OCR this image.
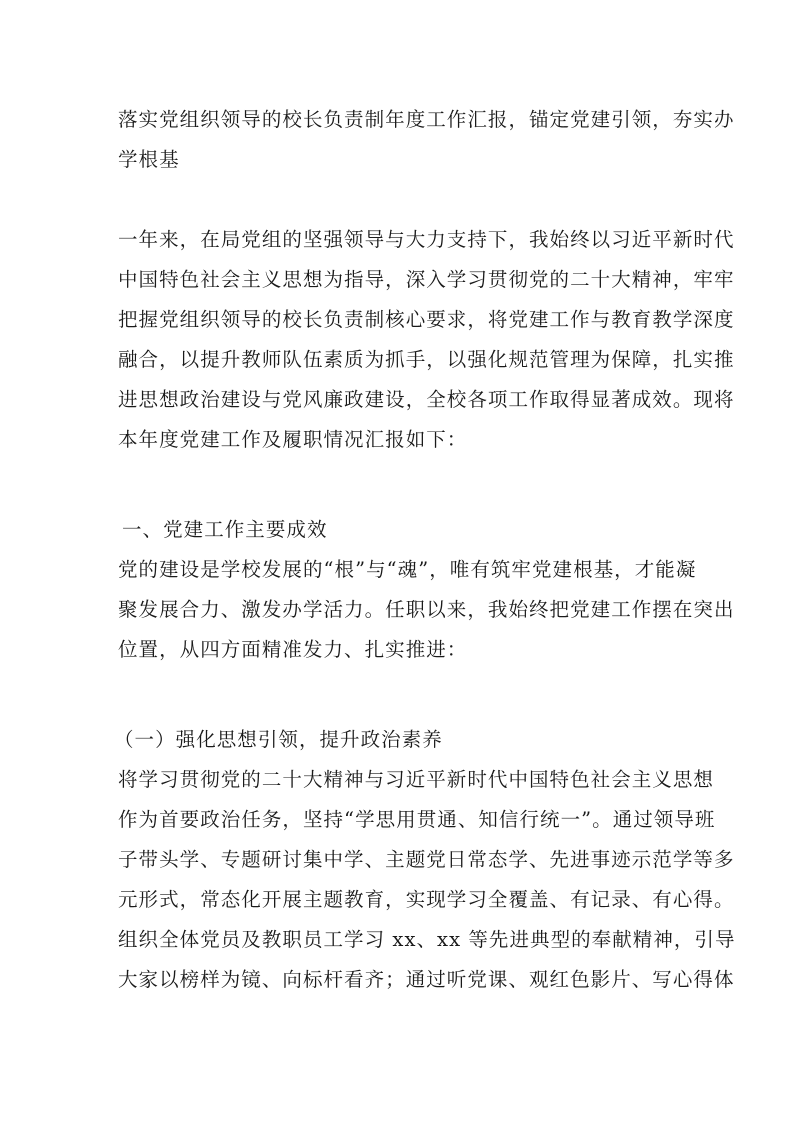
落实党组织领导的校长负责制年度工作汇报，锚定党建引领，夯实办
学根基
一年来，在局党组的坚强领导与大力支持下，我始终以习近平新时代
中国特色社会主义思想为指导，深入学习贯彻党的二十大精神，牢牢
把握党组织领导的校长负责制核心要求，将党建工作与教育教学深度
融合，以提升教师队伍素质为抓手，以强化规范管理为保障，扎实推
进思想政治建设与党风廉政建设，全校各项工作取得显著成效。现将
本年度党建工作及履职情况汇报如下：
一、党建工作主要成效
党的建设是学校发展的“根”与“魂”，唯有筑牢党建根基，才能凝
聚发展合力、激发办学活力。任职以来，我始终把党建工作摆在突出
位置，从四方面精准发力、扎实推进：
（一）强化思想引领，提升政治素养
将学习贯彻党的二十大精神与习近平新时代中国特色社会主义思想
作为首要政治任务，坚持“学思用贯通、知信行统一”。通过领导班
子带头学、专题研讨集中学、主题党日常态学、先进事迹示范学等多
元形式，常态化开展主题教育，实现学习全覆盖、有记录、有心得。
组织全体党员及教职员工学习 xx、xx 等先进典型的奉献精神，引导
大家以榜样为镜、向标杆看齐；通过听党课、观红色影片、写心得体
